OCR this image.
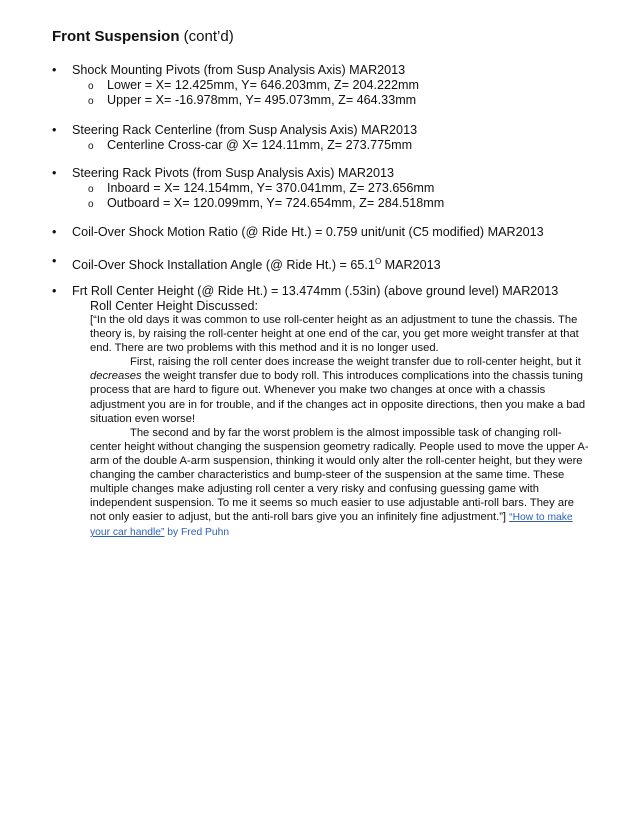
Front Suspension (cont’d)
•	Shock Mounting Pivots (from Susp Analysis Axis) MAR2013
o Lower = X= 12.425mm, Y= 646.203mm, Z= 204.222mm
o Upper = X= -16.978mm, Y= 495.073mm, Z= 464.33mm
•	Steering Rack Centerline (from Susp Analysis Axis) MAR2013
o Centerline Cross-car @ X= 124.11mm, Z= 273.775mm
•	Steering Rack Pivots (from Susp Analysis Axis) MAR2013
o Inboard = X= 124.154mm, Y= 370.041mm, Z= 273.656mm
o Outboard = X= 120.099mm, Y= 724.654mm, Z= 284.518mm
•	Coil-Over Shock Motion Ratio (@ Ride Ht.) = 0.759 unit/unit (C5 modified) MAR2013
•	Coil-Over Shock Installation Angle (@ Ride $Ht.) = 65.1^O$ MAR2013
•	Frt Roll Center Height (@ Ride Ht.) = 13.474mm (.53in) (above ground level) MAR2013
Roll Center Height Discussed:

[“In the old days it was common to use roll-center height as an adjustment to tune the chassis. The theory is, by raising the roll-center height at one end of the car, you get more weight transfer at that end. There are two problems with this method and it is no longer used.

First, raising the roll center does increase the weight transfer due to roll-center height, but it decreases the weight transfer due to body roll. This introduces complications into the chassis tuning process that are hard to figure out. Whenever you make two changes at once with a chassis adjustment you are in for trouble, and if the changes act in opposite directions, then you make a bad situation even worse!

The second and by far the worst problem is the almost impossible task of changing roll-center height without changing the suspension geometry radically. People used to move the upper A-arm of the double A-arm suspension, thinking it would only alter the roll-center height, but they were changing the camber characteristics and bump-steer of the suspension at the same time. These multiple changes make adjusting roll center a very risky and confusing guessing game with independent suspension. To me it seems so much easier to use adjustable anti-roll bars. They are not only easier to adjust, but the anti-roll bars give you an infinitely fine adjustment.”] “How to make your car handle” by Fred Puhn
